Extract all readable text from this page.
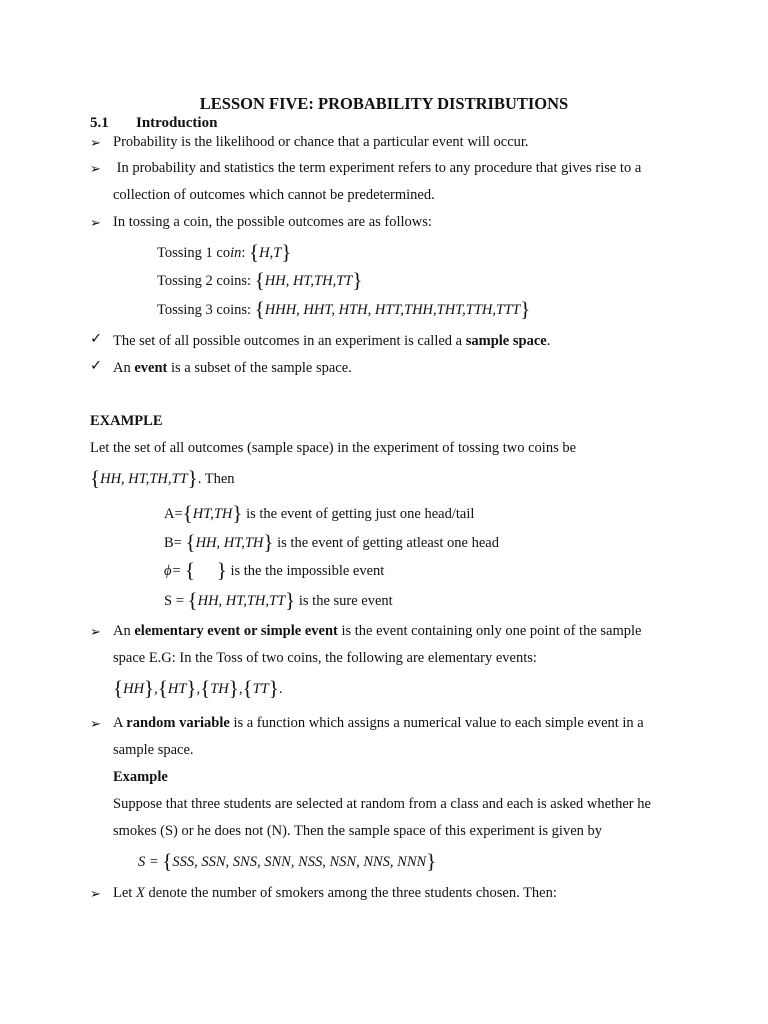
LESSON FIVE: PROBABILITY DISTRIBUTIONS
5.1 Introduction
➢ Probability is the likelihood or chance that a particular event will occur.
➢ In probability and statistics the term experiment refers to any procedure that gives rise to a
collection of outcomes which cannot be predetermined.
➢ In tossing a coin, the possible outcomes are as follows:
Tossing 1 coin: {H,T}
Tossing 2 coins: {HH, HT,TH,TT}
Tossing 3 coins: {HHH, HHT, HTH, HTT,THH,THT,TTH,TTT}
✓ The set of all possible outcomes in an experiment is called a sample space.
✓ An event is a subset of the sample space.
EXAMPLE
Let the set of all outcomes (sample space) in the experiment of tossing two coins be
{HH, HT,TH,TT}. Then
A={HT,TH} is the event of getting just one head/tail
B= {HH, HT,TH} is the event of getting atleast one head
ϕ= { } is the the impossible event
S = {HH, HT,TH,TT} is the sure event
➢ An elementary event or simple event is the event containing only one point of the sample
space E.G: In the Toss of two coins, the following are elementary events:
{HH},{HT},{TH},{TT}.
➢ A random variable is a function which assigns a numerical value to each simple event in a
sample space.
Example
Suppose that three students are selected at random from a class and each is asked whether he
smokes (S) or he does not (N). Then the sample space of this experiment is given by
S = {SSS, SSN, SNS, SNN, NSS, NSN, NNS, NNN}
➢ Let X denote the number of smokers among the three students chosen. Then:
